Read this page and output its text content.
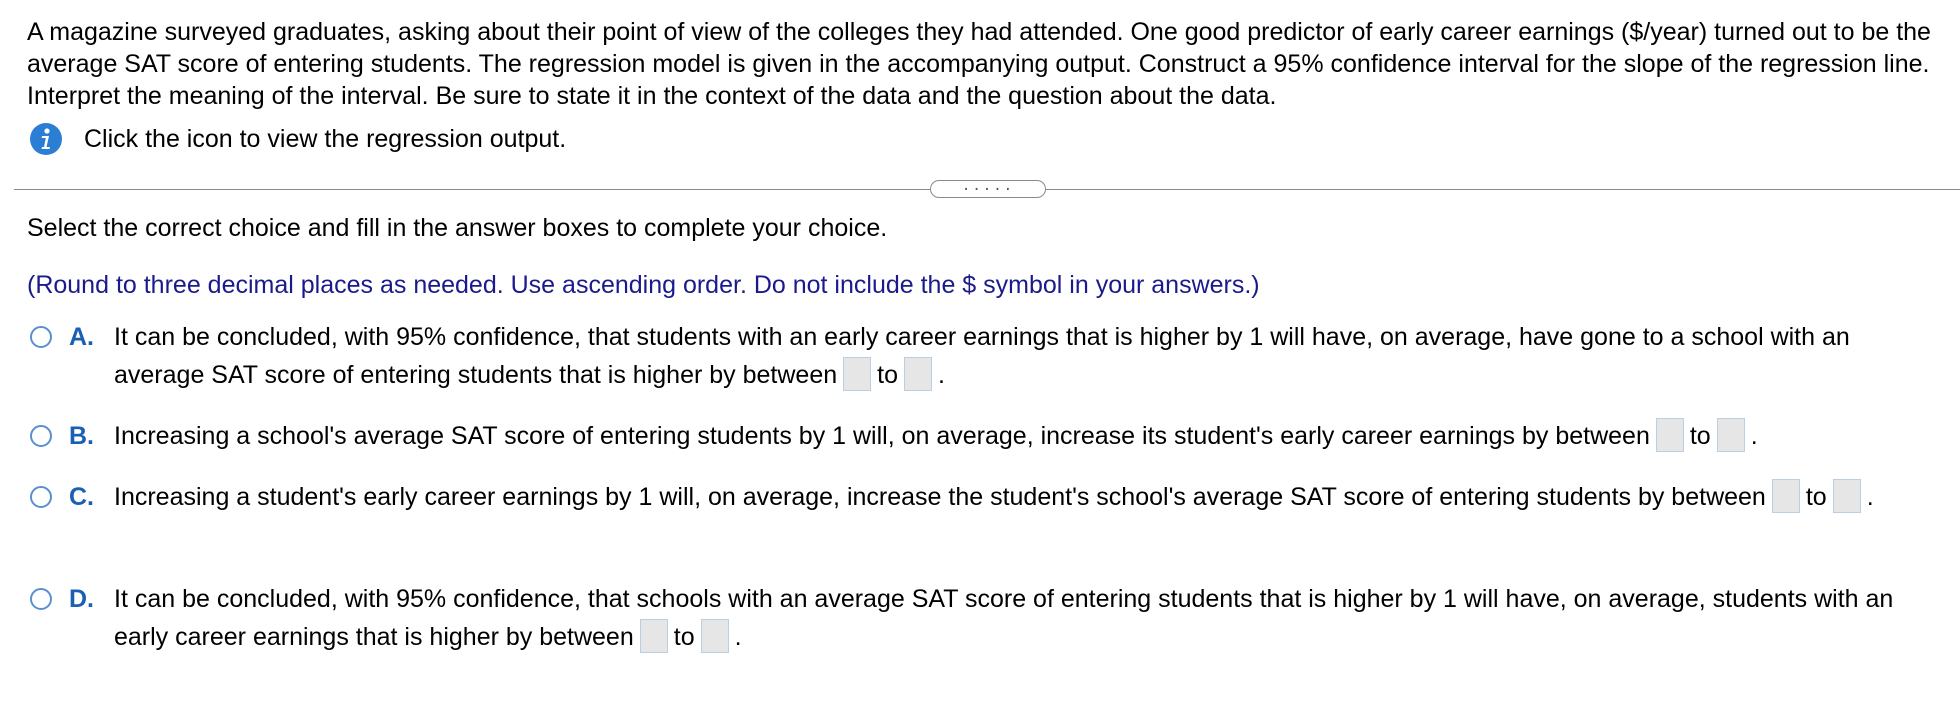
A magazine surveyed graduates, asking about their point of view of the colleges they had attended. One good predictor of early career earnings ($/year) turned out to be the average SAT score of entering students. The regression model is given in the accompanying output. Construct a 95% confidence interval for the slope of the regression line. Interpret the meaning of the interval. Be sure to state it in the context of the data and the question about the data.
Click the icon to view the regression output.
.....
Select the correct choice and fill in the answer boxes to complete your choice.
(Round to three decimal places as needed. Use ascending order. Do not include the $ symbol in your answers.)
A. It can be concluded, with 95% confidence, that students with an early career earnings that is higher by 1 will have, on average, have gone to a school with an average SAT score of entering students that is higher by between to .
B. Increasing a school's average SAT score of entering students by 1 will, on average, increase its student's early career earnings by between to .
C. Increasing a student's early career earnings by 1 will, on average, increase the student's school's average SAT score of entering students by between to .
D. It can be concluded, with 95% confidence, that schools with an average SAT score of entering students that is higher by 1 will have, on average, students with an early career earnings that is higher by between to .
